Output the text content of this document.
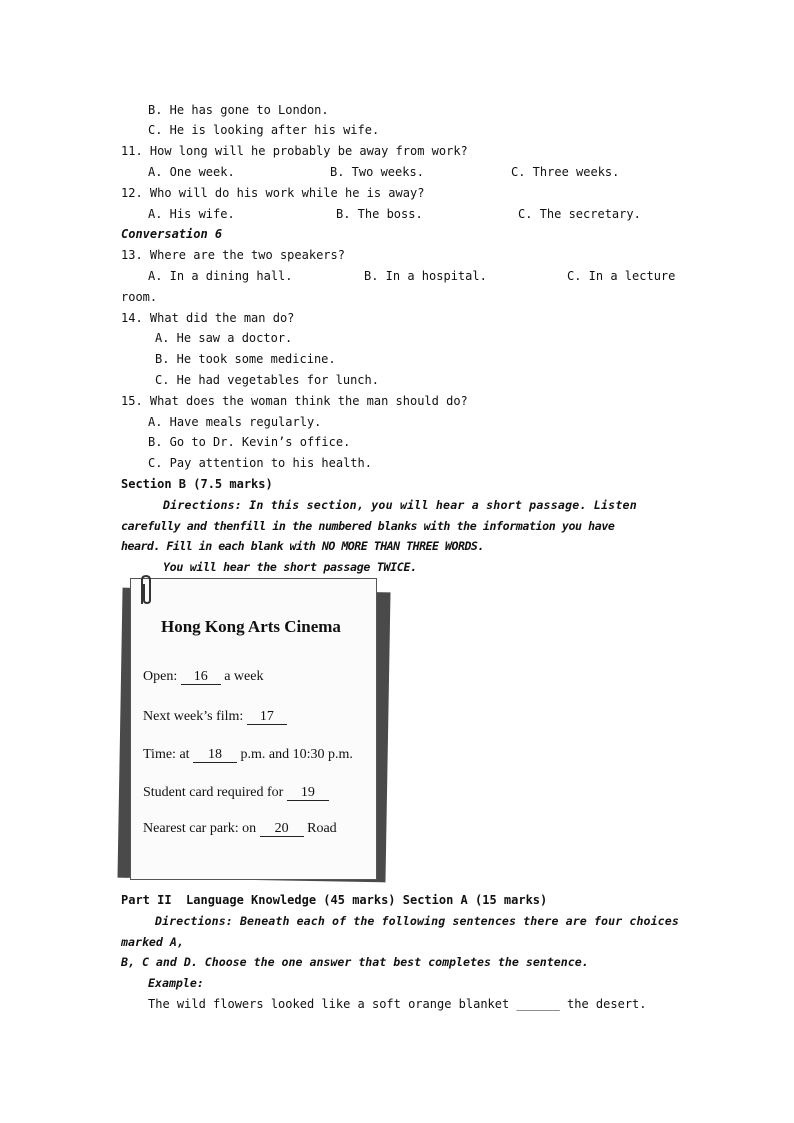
B. He has gone to London.
C. He is looking after his wife.
11. How long will he probably be away from work?
A. One week.	B. Two weeks.	C. Three weeks.
12. Who will do his work while he is away?
A. His wife.	B. The boss.	C. The secretary.
Conversation 6
13. Where are the two speakers?
A. In a dining hall.	B. In a hospital.	C. In a lecture
room.
14. What did the man do?
A. He saw a doctor.
B. He took some medicine.
C. He had vegetables for lunch.
15. What does the woman think the man should do?
A. Have meals regularly.
B. Go to Dr. Kevin’s office.
C. Pay attention to his health.
Section B (7.5 marks)
Directions: In this section, you will hear a short passage. Listen
carefully and thenfill in the numbered blanks with the information you have
heard. Fill in each blank with NO MORE THAN THREE WORDS.
You will hear the short passage TWICE.
Hong Kong Arts Cinema
Open: 16 a week
Next week’s film: 17
Time: at 18 p.m. and 10:30 p.m.
Student card required for 19
Nearest car park: on 20 Road
Part II  Language Knowledge (45 marks) Section A (15 marks)
Directions: Beneath each of the following sentences there are four choices
marked A,
B, C and D. Choose the one answer that best completes the sentence.
Example:
The wild flowers looked like a soft orange blanket ______ the desert.
